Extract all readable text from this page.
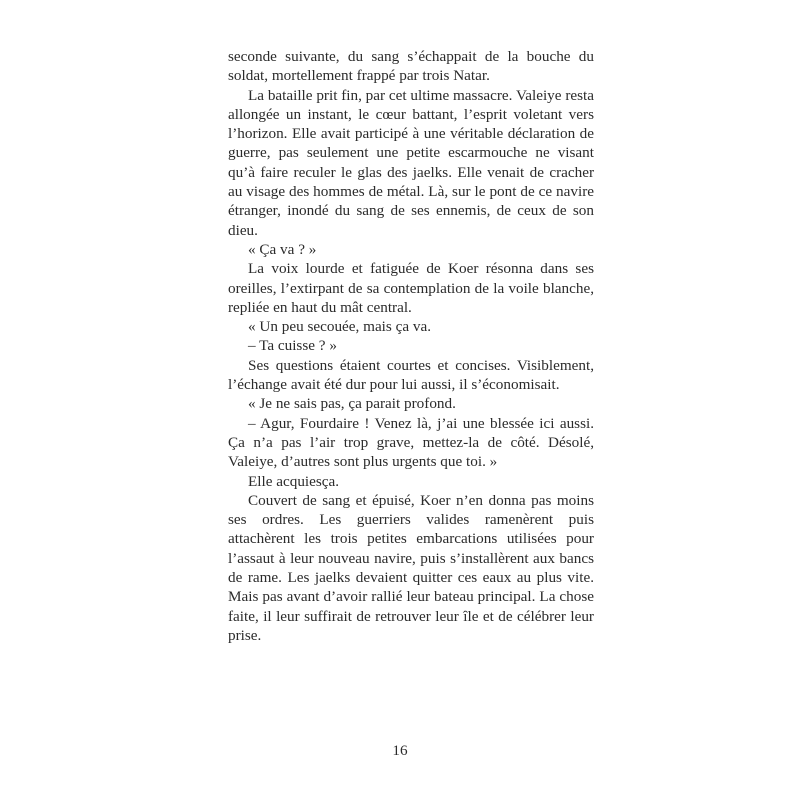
seconde suivante, du sang s’échappait de la bouche du soldat, mortellement frappé par trois Natar.

La bataille prit fin, par cet ultime massacre. Valeiye resta allongée un instant, le cœur battant, l’esprit voletant vers l’horizon. Elle avait participé à une véritable déclaration de guerre, pas seulement une petite escarmouche ne visant qu’à faire reculer le glas des jaelks. Elle venait de cracher au visage des hommes de métal. Là, sur le pont de ce navire étranger, inondé du sang de ses ennemis, de ceux de son dieu.

« Ça va ? »

La voix lourde et fatiguée de Koer résonna dans ses oreilles, l’extirpant de sa contemplation de la voile blanche, repliée en haut du mât central.

« Un peu secouée, mais ça va.

– Ta cuisse ? »

Ses questions étaient courtes et concises. Visiblement, l’échange avait été dur pour lui aussi, il s’économisait.

« Je ne sais pas, ça parait profond.

– Agur, Fourdaire ! Venez là, j’ai une blessée ici aussi. Ça n’a pas l’air trop grave, mettez-la de côté. Désolé, Valeiye, d’autres sont plus urgents que toi. »

Elle acquiesça.

Couvert de sang et épuisé, Koer n’en donna pas moins ses ordres. Les guerriers valides ramenèrent puis attachèrent les trois petites embarcations utilisées pour l’assaut à leur nouveau navire, puis s’installèrent aux bancs de rame. Les jaelks devaient quitter ces eaux au plus vite. Mais pas avant d’avoir rallié leur bateau principal. La chose faite, il leur suffirait de retrouver leur île et de célébrer leur prise.

16
